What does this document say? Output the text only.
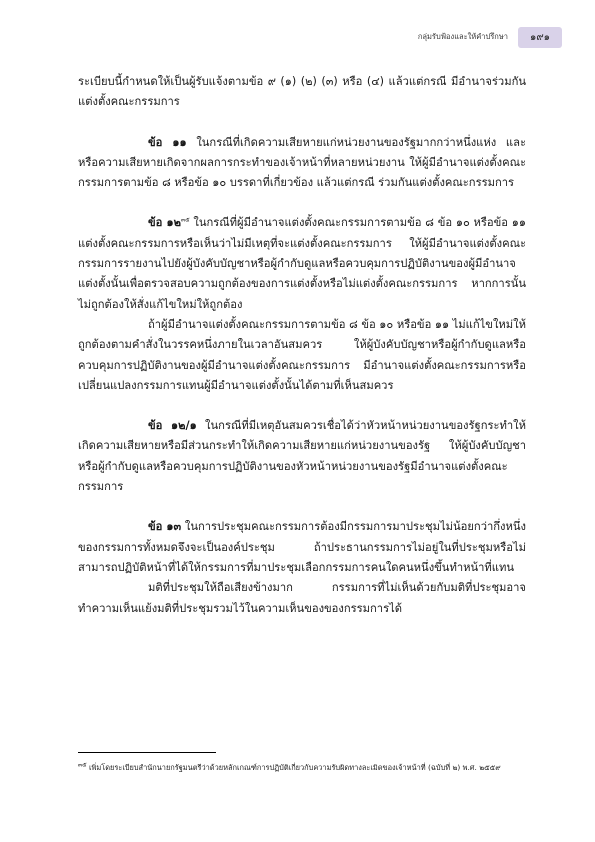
กลุ่มรับฟ้องและให้คำปรึกษา	๑๙๑

ระเบียบนี้กำหนดให้เป็นผู้รับแจ้งตามข้อ ๙ (๑) (๒) (๓) หรือ (๔) แล้วแต่กรณี มีอำนาจร่วมกันแต่งตั้งคณะกรรมการ

ข้อ ๑๑ ในกรณีที่เกิดความเสียหายแก่หน่วยงานของรัฐมากกว่าหนึ่งแห่ง และหรือความเสียหายเกิดจากผลการกระทำของเจ้าหน้าที่หลายหน่วยงาน ให้ผู้มีอำนาจแต่งตั้งคณะกรรมการตามข้อ ๘ หรือข้อ ๑๐ บรรดาที่เกี่ยวข้อง แล้วแต่กรณี ร่วมกันแต่งตั้งคณะกรรมการ

ข้อ ๑๒$^{๓๕}$ ในกรณีที่ผู้มีอำนาจแต่งตั้งคณะกรรมการตามข้อ ๘ ข้อ ๑๐ หรือข้อ ๑๑ แต่งตั้งคณะกรรมการหรือเห็นว่าไม่มีเหตุที่จะแต่งตั้งคณะกรรมการ ให้ผู้มีอำนาจแต่งตั้งคณะกรรมการรายงานไปยังผู้บังคับบัญชาหรือผู้กำกับดูแลหรือควบคุมการปฏิบัติงานของผู้มีอำนาจแต่งตั้งนั้นเพื่อตรวจสอบความถูกต้องของการแต่งตั้งหรือไม่แต่งตั้งคณะกรรมการ หากการนั้นไม่ถูกต้องให้สั่งแก้ไขใหม่ให้ถูกต้อง

ถ้าผู้มีอำนาจแต่งตั้งคณะกรรมการตามข้อ ๘ ข้อ ๑๐ หรือข้อ ๑๑ ไม่แก้ไขใหม่ให้ถูกต้องตามคำสั่งในวรรคหนึ่งภายในเวลาอันสมควร ให้ผู้บังคับบัญชาหรือผู้กำกับดูแลหรือควบคุมการปฏิบัติงานของผู้มีอำนาจแต่งตั้งคณะกรรมการ มีอำนาจแต่งตั้งคณะกรรมการหรือเปลี่ยนแปลงกรรมการแทนผู้มีอำนาจแต่งตั้งนั้นได้ตามที่เห็นสมควร

ข้อ ๑๒/๑ ในกรณีที่มีเหตุอันสมควรเชื่อได้ว่าหัวหน้าหน่วยงานของรัฐกระทำให้เกิดความเสียหายหรือมีส่วนกระทำให้เกิดความเสียหายแก่หน่วยงานของรัฐ ให้ผู้บังคับบัญชาหรือผู้กำกับดูแลหรือควบคุมการปฏิบัติงานของหัวหน้าหน่วยงานของรัฐมีอำนาจแต่งตั้งคณะกรรมการ

ข้อ ๑๓ ในการประชุมคณะกรรมการต้องมีกรรมการมาประชุมไม่น้อยกว่ากึ่งหนึ่งของกรรมการทั้งหมดจึงจะเป็นองค์ประชุม ถ้าประธานกรรมการไม่อยู่ในที่ประชุมหรือไม่สามารถปฏิบัติหน้าที่ได้ให้กรรมการที่มาประชุมเลือกกรรมการคนใดคนหนึ่งขึ้นทำหน้าที่แทน

มติที่ประชุมให้ถือเสียงข้างมาก กรรมการที่ไม่เห็นด้วยกับมติที่ประชุมอาจทำความเห็นแย้งมติที่ประชุมรวมไว้ในความเห็นของของกรรมการได้

$^{๓๕}$ เพิ่มโดยระเบียบสำนักนายกรัฐมนตรีว่าด้วยหลักเกณฑ์การปฏิบัติเกี่ยวกับความรับผิดทางละเมิดของเจ้าหน้าที่ (ฉบับที่ ๒) พ.ศ. ๒๕๕๙
